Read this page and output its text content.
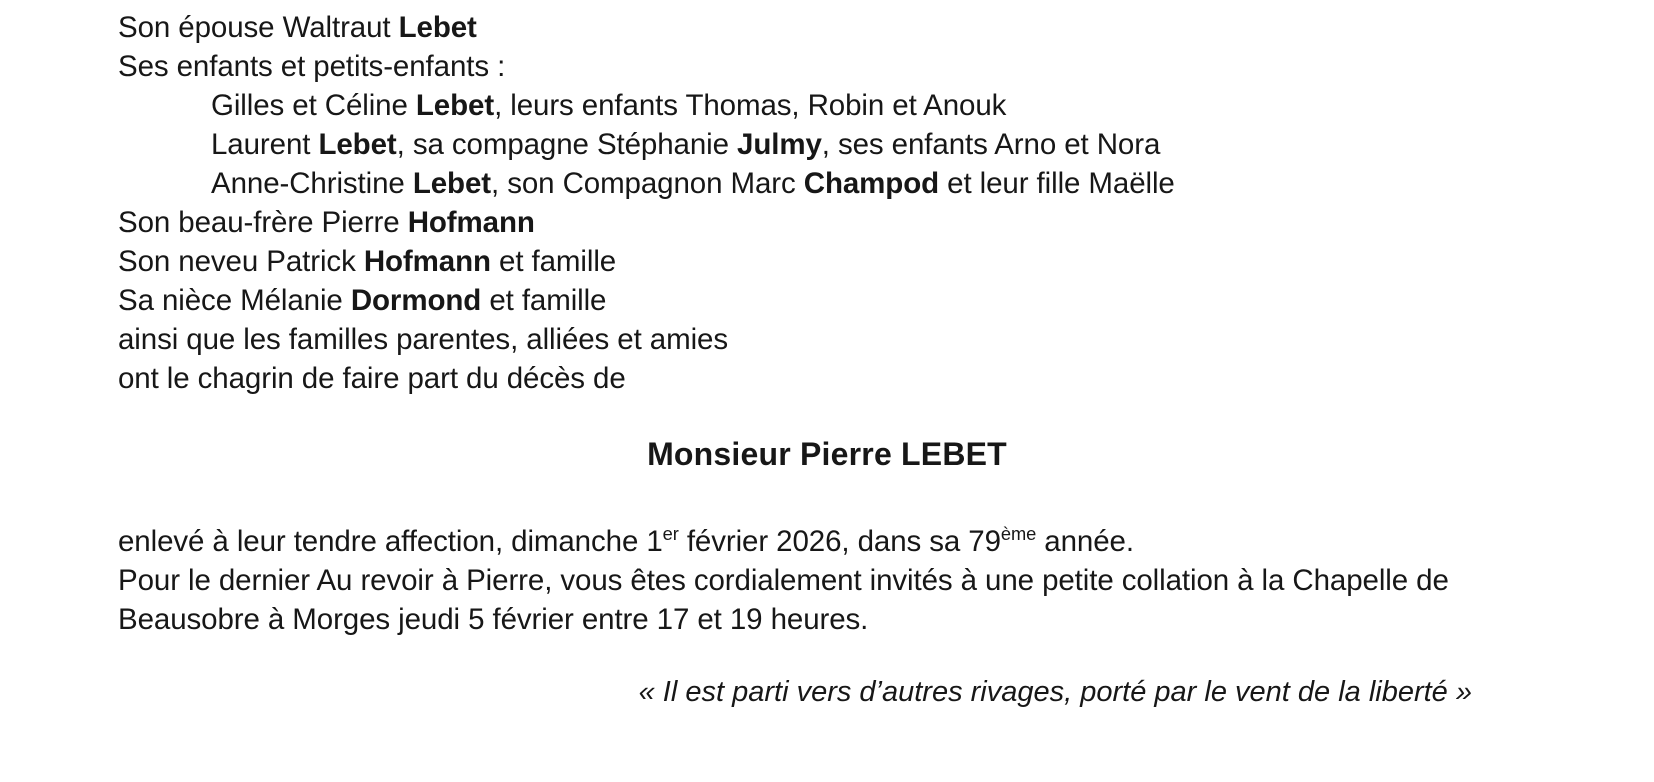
Son épouse Waltraut Lebet
Ses enfants et petits-enfants :
Gilles et Céline Lebet, leurs enfants Thomas, Robin et Anouk
Laurent Lebet, sa compagne Stéphanie Julmy, ses enfants Arno et Nora
Anne-Christine Lebet, son Compagnon Marc Champod et leur fille Maëlle
Son beau-frère Pierre Hofmann
Son neveu Patrick Hofmann et famille
Sa nièce Mélanie Dormond et famille
ainsi que les familles parentes, alliées et amies
ont le chagrin de faire part du décès de
Monsieur Pierre LEBET
enlevé à leur tendre affection, dimanche 1er février 2026, dans sa 79ème année.
Pour le dernier Au revoir à Pierre, vous êtes cordialement invités à une petite collation à la Chapelle de Beausobre à Morges jeudi 5 février entre 17 et 19 heures.
« Il est parti vers d’autres rivages, porté par le vent de la liberté »
